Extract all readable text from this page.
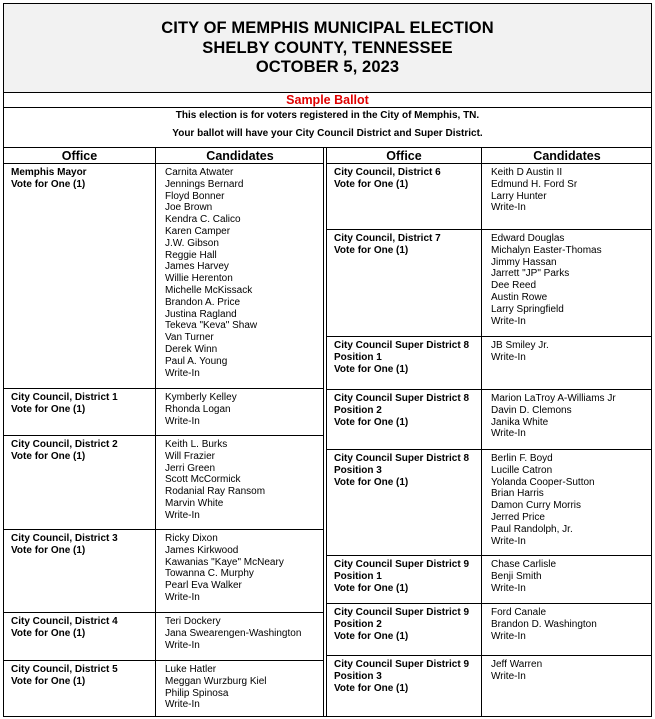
CITY OF MEMPHIS MUNICIPAL ELECTION
SHELBY COUNTY, TENNESSEE
OCTOBER 5, 2023
Sample Ballot
This election is for voters registered in the City of Memphis, TN.
Your ballot will have your City Council District and Super District.
Office	Candidates
Memphis Mayor
Vote for One (1)
Carnita Atwater
Jennings Bernard
Floyd Bonner
Joe Brown
Kendra C. Calico
Karen Camper
J.W. Gibson
Reggie Hall
James Harvey
Willie Herenton
Michelle McKissack
Brandon A. Price
Justina Ragland
Tekeva "Keva" Shaw
Van Turner
Derek Winn
Paul A. Young
Write-In
City Council, District 1
Vote for One (1)
Kymberly Kelley
Rhonda Logan
Write-In
City Council, District 2
Vote for One (1)
Keith L. Burks
Will Frazier
Jerri Green
Scott McCormick
Rodanial Ray Ransom
Marvin White
Write-In
City Council, District 3
Vote for One (1)
Ricky Dixon
James Kirkwood
Kawanias "Kaye" McNeary
Towanna C. Murphy
Pearl Eva Walker
Write-In
City Council, District 4
Vote for One (1)
Teri Dockery
Jana Swearengen-Washington
Write-In
City Council, District 5
Vote for One (1)
Luke Hatler
Meggan Wurzburg Kiel
Philip Spinosa
Write-In
Office	Candidates
City Council, District 6
Vote for One (1)
Keith D Austin II
Edmund H. Ford Sr
Larry Hunter
Write-In
City Council, District 7
Vote for One (1)
Edward Douglas
Michalyn Easter-Thomas
Jimmy Hassan
Jarrett "JP" Parks
Dee Reed
Austin Rowe
Larry Springfield
Write-In
City Council Super District 8
Position 1
Vote for One (1)
JB Smiley Jr.
Write-In
City Council Super District 8
Position 2
Vote for One (1)
Marion LaTroy A-Williams Jr
Davin D. Clemons
Janika White
Write-In
City Council Super District 8
Position 3
Vote for One (1)
Berlin F. Boyd
Lucille Catron
Yolanda Cooper-Sutton
Brian Harris
Damon Curry Morris
Jerred Price
Paul Randolph, Jr.
Write-In
City Council Super District 9
Position 1
Vote for One (1)
Chase Carlisle
Benji Smith
Write-In
City Council Super District 9
Position 2
Vote for One (1)
Ford Canale
Brandon D. Washington
Write-In
City Council Super District 9
Position 3
Vote for One (1)
Jeff Warren
Write-In
